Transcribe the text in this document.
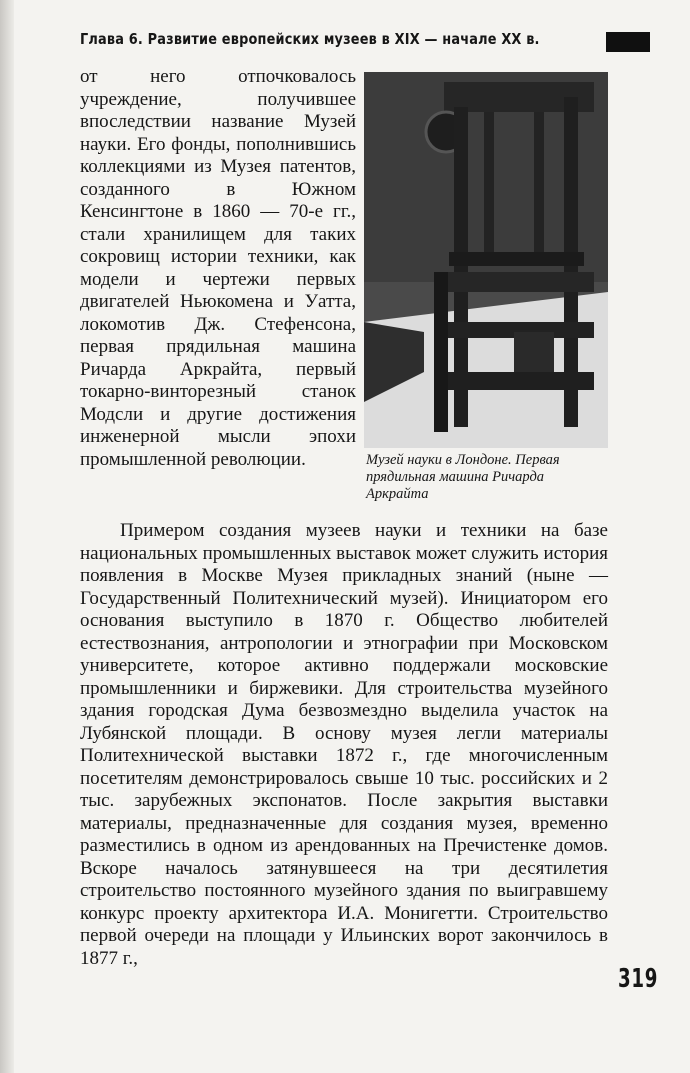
Глава 6. Развитие европейских музеев в XIX — начале XX в.

от него отпочковалось учреждение, получившее впоследствии название Музей науки. Его фонды, пополнившись коллекциями из Музея патентов, созданного в Южном Кенсингтоне в 1860 — 70-е гг., стали хранилищем для таких сокровищ истории техники, как модели и чертежи первых двигателей Ньюкомена и Уатта, локомотив Дж. Стефенсона, первая прядильная машина Ричарда Аркрайта, первый токарно-винторезный станок Модсли и другие достижения инженерной мысли эпохи промышленной революции.	Музей науки в Лондоне. Первая прядильная машина Ричарда Аркрайта

Примером создания музеев науки и техники на базе национальных промышленных выставок может служить история появления в Москве Музея прикладных знаний (ныне — Государственный Политехнический музей). Инициатором его основания выступило в 1870 г. Общество любителей естествознания, антропологии и этнографии при Московском университете, которое активно поддержали московские промышленники и биржевики. Для строительства музейного здания городская Дума безвозмездно выделила участок на Лубянской площади. В основу музея легли материалы Политехнической выставки 1872 г., где многочисленным посетителям демонстрировалось свыше 10 тыс. российских и 2 тыс. зарубежных экспонатов. После закрытия выставки материалы, предназначенные для создания музея, временно разместились в одном из арендованных на Пречистенке домов. Вскоре началось затянувшееся на три десятилетия строительство постоянного музейного здания по выигравшему конкурс проекту архитектора И.А. Монигетти. Строительство первой очереди на площади у Ильинских ворот закончилось в 1877 г.,

319
